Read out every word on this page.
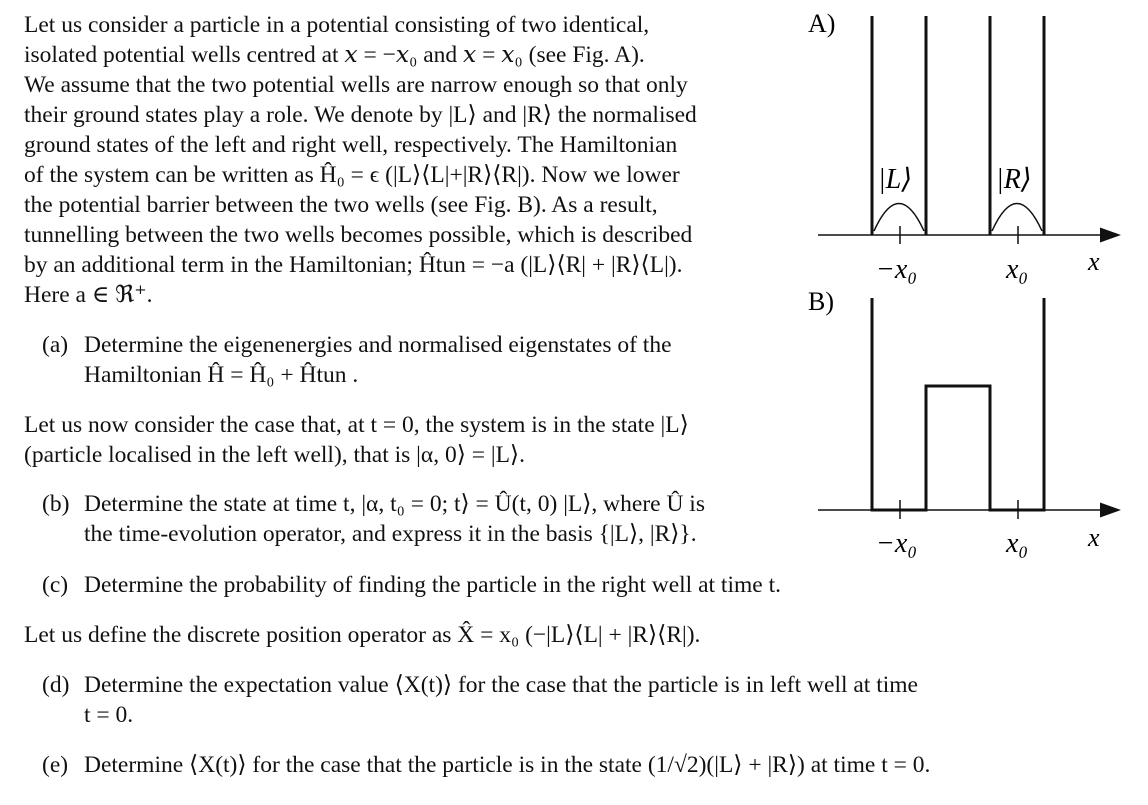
Let us consider a particle in a potential consisting of two identical,
isolated potential wells centred at 𝑥 = −𝑥₀ and 𝑥 = 𝑥₀ (see Fig. A).
We assume that the two potential wells are narrow enough so that only
their ground states play a role. We denote by |L⟩ and |R⟩ the normalised
ground states of the left and right well, respectively. The Hamiltonian
of the system can be written as Ĥ₀ = ϵ (|L⟩⟨L|+|R⟩⟨R|). Now we lower
the potential barrier between the two wells (see Fig. B). As a result,
tunnelling between the two wells becomes possible, which is described
by an additional term in the Hamiltonian; Ĥtun = −a (|L⟩⟨R| + |R⟩⟨L|).
Here a ∈ ℜ⁺.
(a) Determine the eigenenergies and normalised eigenstates of the
Hamiltonian Ĥ = Ĥ₀ + Ĥtun .
Let us now consider the case that, at t = 0, the system is in the state |L⟩
(particle localised in the left well), that is |α, 0⟩ = |L⟩.
(b) Determine the state at time t, |α, t₀ = 0; t⟩ = Û(t, 0) |L⟩, where Û is
the time-evolution operator, and express it in the basis {|L⟩, |R⟩}.
(c) Determine the probability of finding the particle in the right well at time t.
Let us define the discrete position operator as X̂ = x₀ (−|L⟩⟨L| + |R⟩⟨R|).
(d) Determine the expectation value ⟨X(t)⟩ for the case that the particle is in left well at time
t = 0.
(e) Determine ⟨X(t)⟩ for the case that the particle is in the state (1/√2)(|L⟩ + |R⟩) at time t = 0.
A)
|L⟩	|R⟩
−x₀	x₀ x
B)
−x₀	x₀ x
